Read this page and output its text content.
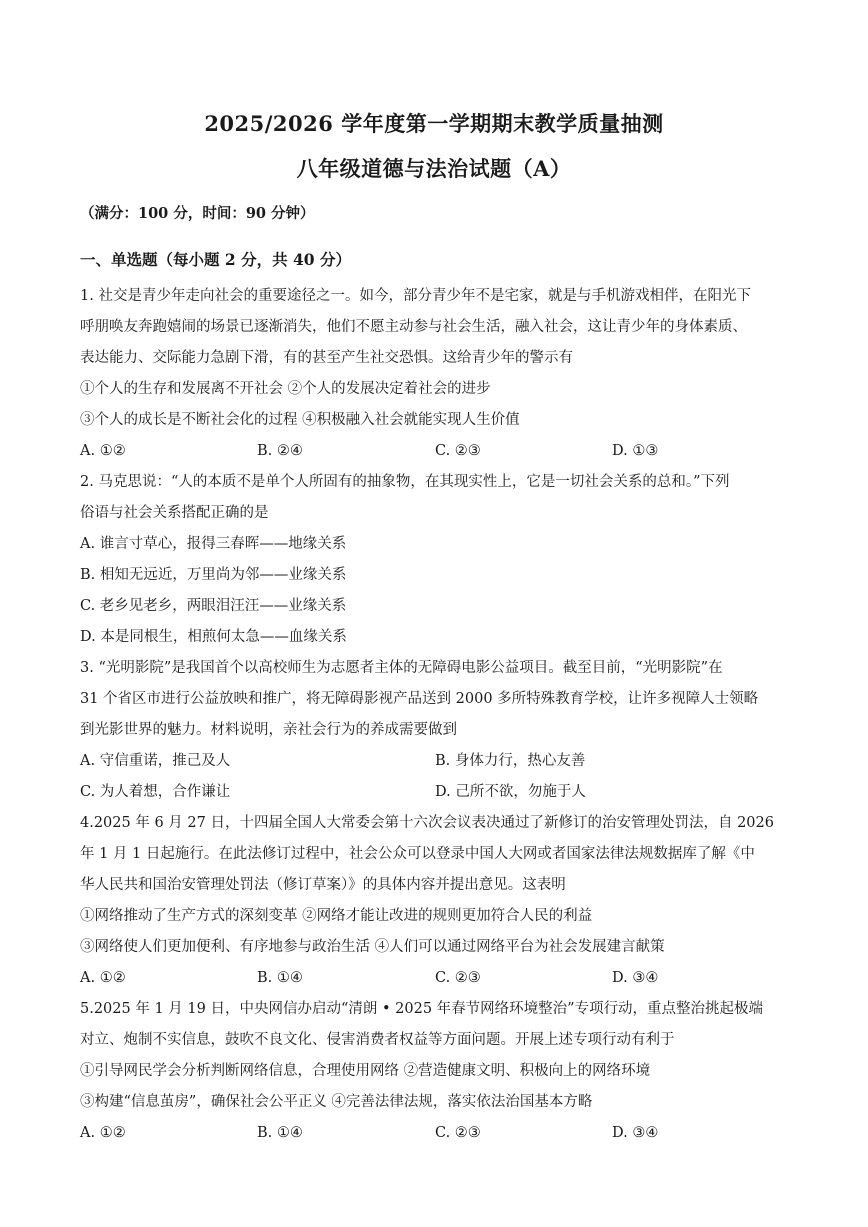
2025/2026 学年度第一学期期末教学质量抽测
八年级道德与法治试题（A）
（满分：100 分，时间：90 分钟）
一、单选题（每小题 2 分，共 40 分）
1. 社交是青少年走向社会的重要途径之一。如今，部分青少年不是宅家，就是与手机游戏相伴，在阳光下
呼朋唤友奔跑嬉闹的场景已逐渐消失，他们不愿主动参与社会生活，融入社会，这让青少年的身体素质、
表达能力、交际能力急剧下滑，有的甚至产生社交恐惧。这给青少年的警示有
①个人的生存和发展离不开社会 ②个人的发展决定着社会的进步
③个人的成长是不断社会化的过程 ④积极融入社会就能实现人生价值
A. ①②	B. ②④	C. ②③	D. ①③
2. 马克思说：“人的本质不是单个人所固有的抽象物，在其现实性上，它是一切社会关系的总和。”下列
俗语与社会关系搭配正确的是
A. 谁言寸草心，报得三春晖——地缘关系
B. 相知无远近，万里尚为邻——业缘关系
C. 老乡见老乡，两眼泪汪汪——业缘关系
D. 本是同根生，相煎何太急——血缘关系
3. “光明影院”是我国首个以高校师生为志愿者主体的无障碍电影公益项目。截至目前，“光明影院”在
31 个省区市进行公益放映和推广，将无障碍影视产品送到 2000 多所特殊教育学校，让许多视障人士领略
到光影世界的魅力。材料说明，亲社会行为的养成需要做到
A. 守信重诺，推己及人	B. 身体力行，热心友善
C. 为人着想，合作谦让	D. 己所不欲，勿施于人
4.2025 年 6 月 27 日，十四届全国人大常委会第十六次会议表决通过了新修订的治安管理处罚法，自 2026
年 1 月 1 日起施行。在此法修订过程中，社会公众可以登录中国人大网或者国家法律法规数据库了解《中
华人民共和国治安管理处罚法（修订草案）》的具体内容并提出意见。这表明
①网络推动了生产方式的深刻变革 ②网络才能让改进的规则更加符合人民的利益
③网络使人们更加便利、有序地参与政治生活 ④人们可以通过网络平台为社会发展建言献策
A. ①②	B. ①④	C. ②③	D. ③④
5.2025 年 1 月 19 日，中央网信办启动“清朗 • 2025 年春节网络环境整治”专项行动，重点整治挑起极端
对立、炮制不实信息，鼓吹不良文化、侵害消费者权益等方面问题。开展上述专项行动有利于
①引导网民学会分析判断网络信息，合理使用网络 ②营造健康文明、积极向上的网络环境
③构建“信息茧房”，确保社会公平正义 ④完善法律法规，落实依法治国基本方略
A. ①②	B. ①④	C. ②③	D. ③④
